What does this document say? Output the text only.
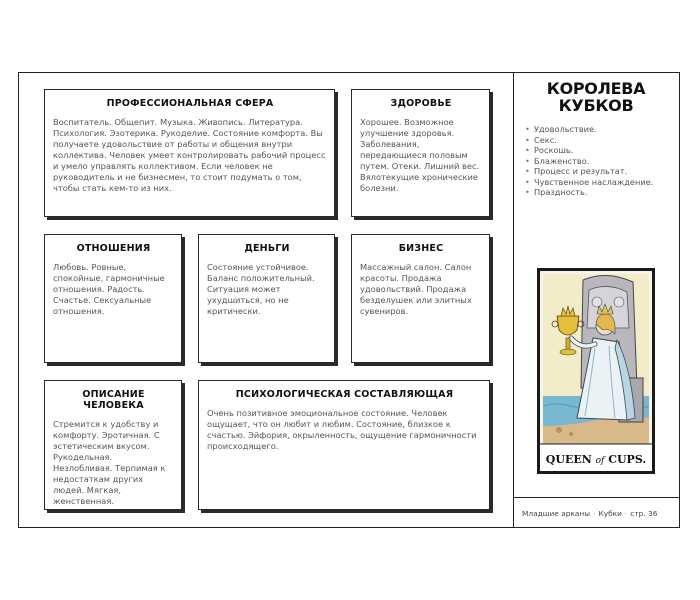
ПРОФЕССИОНАЛЬНАЯ СФЕРА

Воспитатель. Общепит. Музыка. Живопись. Литература. Психология. Эзотерика. Рукоделие. Состояние комфорта. Вы получаете удовольствие от работы и общения внутри коллектива. Человек умеет контролировать рабочий процесс и умело управлять коллективом. Если человек не руководитель и не бизнесмен, то стоит подумать о том, чтобы стать кем-то из них.

ЗДОРОВЬЕ

Хорошее. Возможное улучшение здоровья. Заболевания, передающиеся половым путем. Отеки. Лишний вес. Вялотекущие хронические болезни.

ОТНОШЕНИЯ

Любовь. Ровные, спокойные, гармоничные отношения. Радость. Счастье. Сексуальные отношения.

ДЕНЬГИ

Состояние устойчивое. Баланс положительный. Ситуация может ухудшиться, но не критически.

БИЗНЕС

Массажный салон. Салон красоты. Продажа удовольствий. Продажа безделушек или элитных сувениров.

ОПИСАНИЕ ЧЕЛОВЕКА

Стремится к удобству и комфорту. Эротичная. С эстетическим вкусом. Рукодельная. Незлобливая. Терпимая к недостаткам других людей. Мягкая, женственная.

ПСИХОЛОГИЧЕСКАЯ СОСТАВЛЯЮЩАЯ

Очень позитивное эмоциональное состояние. Человек ощущает, что он любит и любим. Состояние, близкое к счастью. Эйфория, окрыленность, ощущение гармоничности происходящего.

КОРОЛЕВА
КУБКОВ
• Удовольствие.
• Секс.
• Роскошь.
• Блаженство.
• Процесс и результат.
• Чувственное наслаждение.
• Праздность.
QUEEN of CUPS.
Младшие арканы · Кубки · стр. 36
